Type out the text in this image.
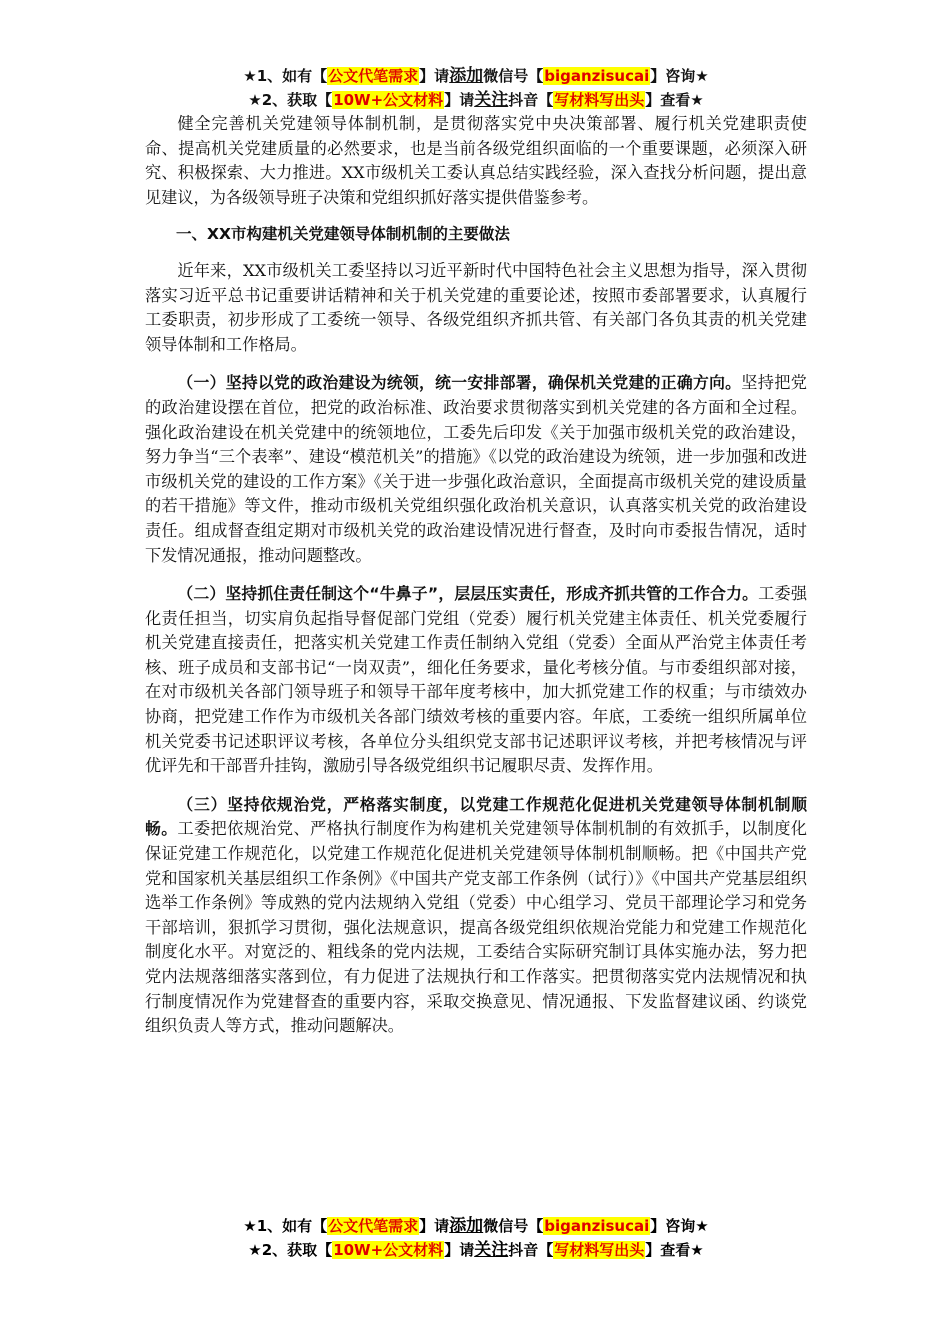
★1、如有【公文代笔需求】请添加微信号【biganzisucai】咨询★

★2、获取【10W+公文材料】请关注抖音【写材料写出头】查看★

健全完善机关党建领导体制机制，是贯彻落实党中央决策部署、履行机关党建职责使命、提高机关党建质量的必然要求，也是当前各级党组织面临的一个重要课题，必须深入研究、积极探索、大力推进。XX市级机关工委认真总结实践经验，深入查找分析问题，提出意见建议，为各级领导班子决策和党组织抓好落实提供借鉴参考。

一、XX市构建机关党建领导体制机制的主要做法

近年来，XX市级机关工委坚持以习近平新时代中国特色社会主义思想为指导，深入贯彻落实习近平总书记重要讲话精神和关于机关党建的重要论述，按照市委部署要求，认真履行工委职责，初步形成了工委统一领导、各级党组织齐抓共管、有关部门各负其责的机关党建领导体制和工作格局。

（一）坚持以党的政治建设为统领，统一安排部署，确保机关党建的正确方向。坚持把党的政治建设摆在首位，把党的政治标准、政治要求贯彻落实到机关党建的各方面和全过程。强化政治建设在机关党建中的统领地位，工委先后印发《关于加强市级机关党的政治建设，努力争当“三个表率”、建设“模范机关”的措施》《以党的政治建设为统领，进一步加强和改进市级机关党的建设的工作方案》《关于进一步强化政治意识，全面提高市级机关党的建设质量的若干措施》等文件，推动市级机关党组织强化政治机关意识，认真落实机关党的政治建设责任。组成督查组定期对市级机关党的政治建设情况进行督查，及时向市委报告情况，适时下发情况通报，推动问题整改。

（二）坚持抓住责任制这个“牛鼻子”，层层压实责任，形成齐抓共管的工作合力。工委强化责任担当，切实肩负起指导督促部门党组（党委）履行机关党建主体责任、机关党委履行机关党建直接责任，把落实机关党建工作责任制纳入党组（党委）全面从严治党主体责任考核、班子成员和支部书记“一岗双责”，细化任务要求，量化考核分值。与市委组织部对接，在对市级机关各部门领导班子和领导干部年度考核中，加大抓党建工作的权重；与市绩效办协商，把党建工作作为市级机关各部门绩效考核的重要内容。年底，工委统一组织所属单位机关党委书记述职评议考核，各单位分头组织党支部书记述职评议考核，并把考核情况与评优评先和干部晋升挂钩，激励引导各级党组织书记履职尽责、发挥作用。

（三）坚持依规治党，严格落实制度，以党建工作规范化促进机关党建领导体制机制顺畅。工委把依规治党、严格执行制度作为构建机关党建领导体制机制的有效抓手，以制度化保证党建工作规范化，以党建工作规范化促进机关党建领导体制机制顺畅。把《中国共产党党和国家机关基层组织工作条例》《中国共产党支部工作条例（试行）》《中国共产党基层组织选举工作条例》等成熟的党内法规纳入党组（党委）中心组学习、党员干部理论学习和党务干部培训，狠抓学习贯彻，强化法规意识，提高各级党组织依规治党能力和党建工作规范化制度化水平。对宽泛的、粗线条的党内法规，工委结合实际研究制订具体实施办法，努力把党内法规落细落实落到位，有力促进了法规执行和工作落实。把贯彻落实党内法规情况和执行制度情况作为党建督查的重要内容，采取交换意见、情况通报、下发监督建议函、约谈党组织负责人等方式，推动问题解决。

★1、如有【公文代笔需求】请添加微信号【biganzisucai】咨询★

★2、获取【10W+公文材料】请关注抖音【写材料写出头】查看★
